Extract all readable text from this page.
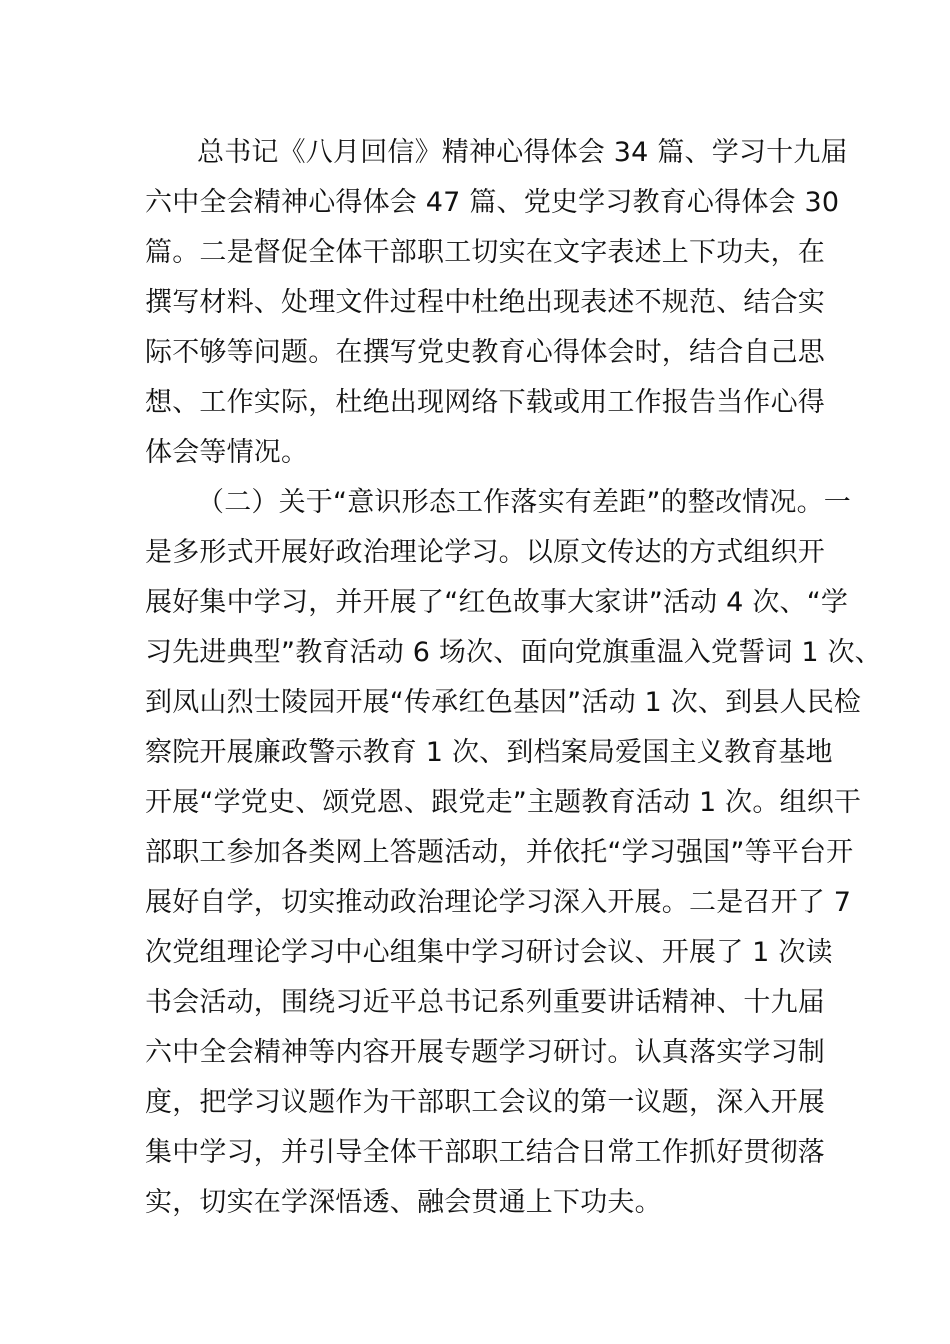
总书记《八月回信》精神心得体会 34 篇、学习十九届
六中全会精神心得体会 47 篇、党史学习教育心得体会 30
篇。二是督促全体干部职工切实在文字表述上下功夫，在
撰写材料、处理文件过程中杜绝出现表述不规范、结合实
际不够等问题。在撰写党史教育心得体会时，结合自己思
想、工作实际，杜绝出现网络下载或用工作报告当作心得
体会等情况。
（二）关于“意识形态工作落实有差距”的整改情况。一
是多形式开展好政治理论学习。以原文传达的方式组织开
展好集中学习，并开展了“红色故事大家讲”活动 4 次、“学
习先进典型”教育活动 6 场次、面向党旗重温入党誓词 1 次、
到凤山烈士陵园开展“传承红色基因”活动 1 次、到县人民检
察院开展廉政警示教育 1 次、到档案局爱国主义教育基地
开展“学党史、颂党恩、跟党走”主题教育活动 1 次。组织干
部职工参加各类网上答题活动，并依托“学习强国”等平台开
展好自学，切实推动政治理论学习深入开展。二是召开了 7
次党组理论学习中心组集中学习研讨会议、开展了 1 次读
书会活动，围绕习近平总书记系列重要讲话精神、十九届
六中全会精神等内容开展专题学习研讨。认真落实学习制
度，把学习议题作为干部职工会议的第一议题，深入开展
集中学习，并引导全体干部职工结合日常工作抓好贯彻落
实，切实在学深悟透、融会贯通上下功夫。
